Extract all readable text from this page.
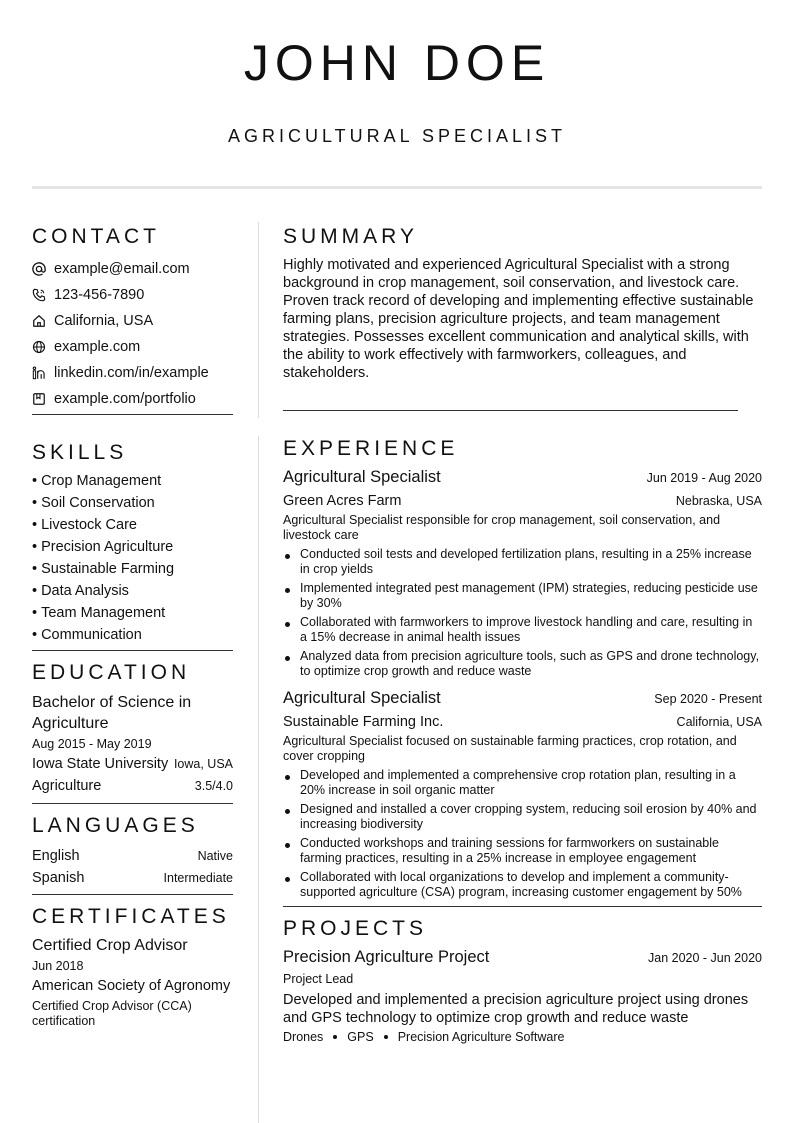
JOHN DOE
AGRICULTURAL SPECIALIST
CONTACT
example@email.com
123-456-7890
California, USA
example.com
linkedin.com/in/example
example.com/portfolio
SKILLS
• Crop Management
• Soil Conservation
• Livestock Care
• Precision Agriculture
• Sustainable Farming
• Data Analysis
• Team Management
• Communication
EDUCATION
Bachelor of Science in Agriculture
Aug 2015 - May 2019
Iowa State University Iowa, USA
Agriculture	3.5/4.0
LANGUAGES
English	Native
Spanish	Intermediate
CERTIFICATES
Certified Crop Advisor
Jun 2018
American Society of Agronomy
Certified Crop Advisor (CCA) certification
SUMMARY
Highly motivated and experienced Agricultural Specialist with a strong background in crop management, soil conservation, and livestock care. Proven track record of developing and implementing effective sustainable farming plans, precision agriculture projects, and team management strategies. Possesses excellent communication and analytical skills, with the ability to work effectively with farmworkers, colleagues, and stakeholders.
EXPERIENCE
Agricultural Specialist	Jun 2019 - Aug 2020
Green Acres Farm	Nebraska, USA
Agricultural Specialist responsible for crop management, soil conservation, and livestock care
Conducted soil tests and developed fertilization plans, resulting in a 25% increase in crop yields
Implemented integrated pest management (IPM) strategies, reducing pesticide use by 30%
Collaborated with farmworkers to improve livestock handling and care, resulting in a 15% decrease in animal health issues
Analyzed data from precision agriculture tools, such as GPS and drone technology, to optimize crop growth and reduce waste
Agricultural Specialist	Sep 2020 - Present
Sustainable Farming Inc.	California, USA
Agricultural Specialist focused on sustainable farming practices, crop rotation, and cover cropping
Developed and implemented a comprehensive crop rotation plan, resulting in a 20% increase in soil organic matter
Designed and installed a cover cropping system, reducing soil erosion by 40% and increasing biodiversity
Conducted workshops and training sessions for farmworkers on sustainable farming practices, resulting in a 25% increase in employee engagement
Collaborated with local organizations to develop and implement a community-supported agriculture (CSA) program, increasing customer engagement by 50%
PROJECTS
Precision Agriculture Project	Jan 2020 - Jun 2020
Project Lead
Developed and implemented a precision agriculture project using drones and GPS technology to optimize crop growth and reduce waste
Drones GPS Precision Agriculture Software
